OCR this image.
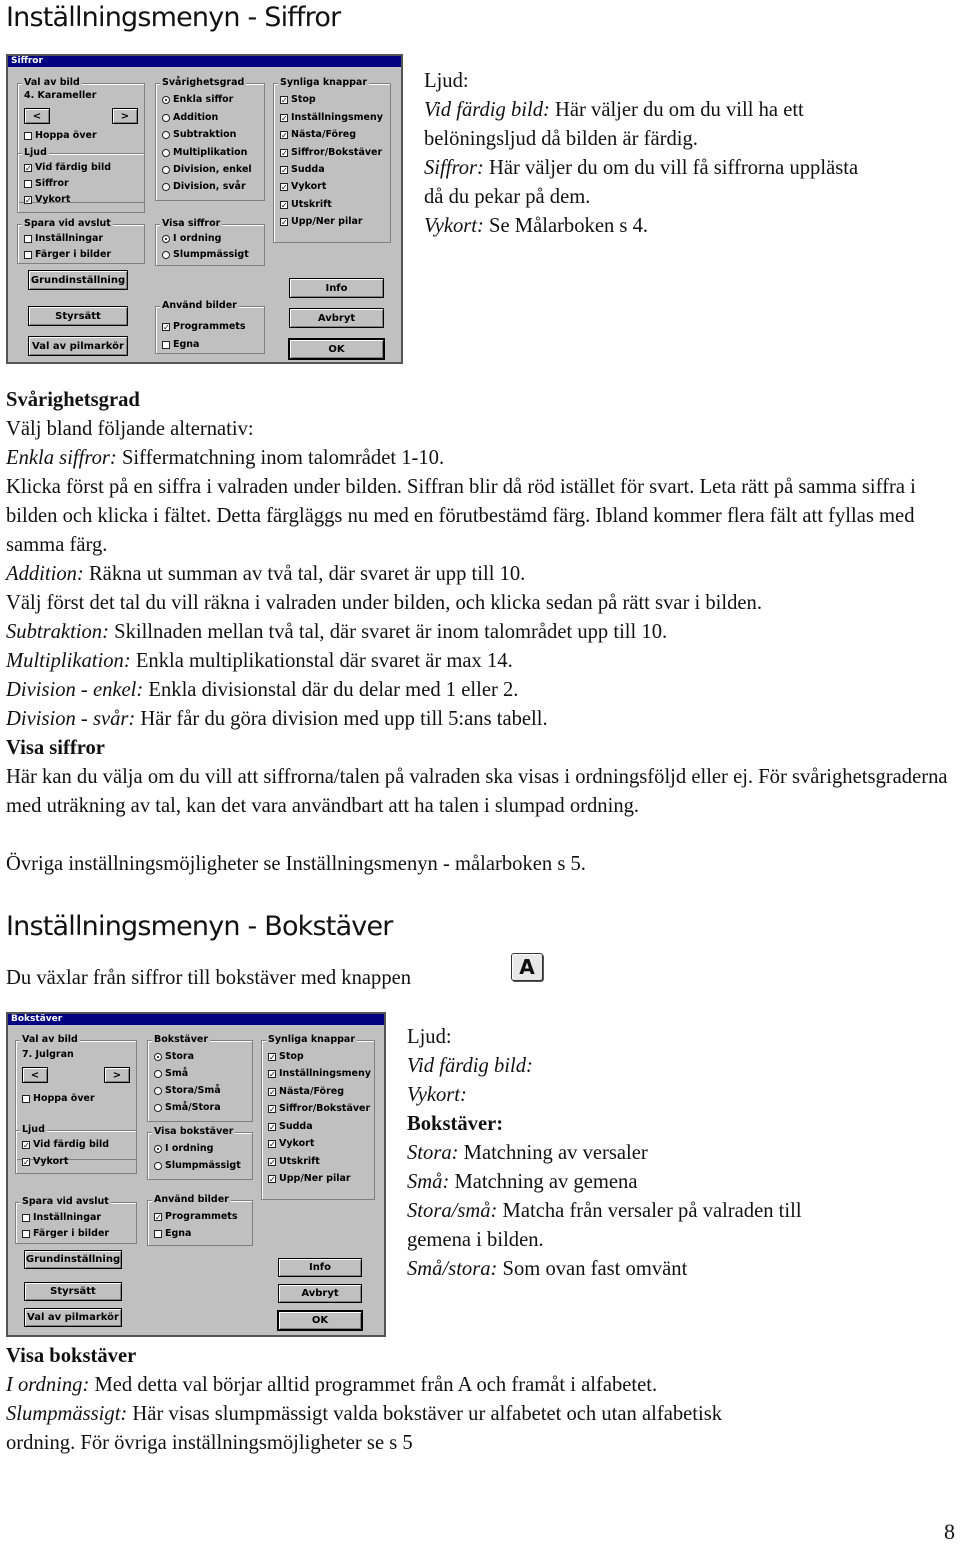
Inställningsmenyn - Siffror
Siffror
Val av bild
4. Karameller
<	>
Hoppa över
Ljud
✓ Vid färdig bild
Siffror
✓ Vykort
Spara vid avslut
Inställningar
Färger i bilder
Grundinställning
Styrsätt
Val av pilmarkör
Svårighetsgrad
Enkla siffor
Addition
Subtraktion
Multiplikation
Division, enkel
Division, svår
Visa siffror
I ordning
Slumpmässigt
Använd bilder
✓ Programmets
Egna
Synliga knappar
✓ Stop
✓ Inställningsmeny
✓ Nästa/Föreg
✓ Siffror/Bokstäver
✓ Sudda
✓ Vykort
✓ Utskrift
✓ Upp/Ner pilar
Info
Avbryt
OK
Ljud:
Vid färdig bild: Här väljer du om du vill ha ett
belöningsljud då bilden är färdig.
Siffror: Här väljer du om du vill få siffrorna upplästa
då du pekar på dem.
Vykort: Se Målarboken s 4.
Svårighetsgrad
Välj bland följande alternativ:
Enkla siffror: Siffermatchning inom talområdet 1-10.
Klicka först på en siffra i valraden under bilden. Siffran blir då röd istället för svart. Leta rätt på samma siffra i bilden och klicka i fältet. Detta färgläggs nu med en förutbestämd färg. Ibland kommer flera fält att fyllas med samma färg.
Addition: Räkna ut summan av två tal, där svaret är upp till 10.
Välj först det tal du vill räkna i valraden under bilden, och klicka sedan på rätt svar i bilden.
Subtraktion: Skillnaden mellan två tal, där svaret är inom talområdet upp till 10.
Multiplikation: Enkla multiplikationstal där svaret är max 14.
Division - enkel: Enkla divisionstal där du delar med 1 eller 2.
Division - svår: Här får du göra division med upp till 5:ans tabell.
Visa siffror
Här kan du välja om du vill att siffrorna/talen på valraden ska visas i ordningsföljd eller ej. För svårighetsgraderna med uträkning av tal, kan det vara användbart att ha talen i slumpad ordning.
Övriga inställningsmöjligheter se Inställningsmenyn - målarboken s 5.
Inställningsmenyn - Bokstäver
Du växlar från siffror till bokstäver med knappen	A
Bokstäver
Val av bild
7. Julgran
<	>
Hoppa över
Ljud
✓ Vid färdig bild
✓ Vykort
Spara vid avslut
Inställningar
Färger i bilder
Grundinställning
Styrsätt
Val av pilmarkör
Bokstäver
Stora
Små
Stora/Små
Små/Stora
Visa bokstäver
I ordning
Slumpmässigt
Använd bilder
✓ Programmets
Egna
Synliga knappar
✓ Stop
✓ Inställningsmeny
✓ Nästa/Föreg
✓ Siffror/Bokstäver
✓ Sudda
✓ Vykort
✓ Utskrift
✓ Upp/Ner pilar
Info
Avbryt
OK
Ljud:
Vid färdig bild:
Vykort:
Bokstäver:
Stora: Matchning av versaler
Små: Matchning av gemena
Stora/små: Matcha från versaler på valraden till
gemena i bilden.
Små/stora: Som ovan fast omvänt
Visa bokstäver
I ordning: Med detta val börjar alltid programmet från A och framåt i alfabetet.
Slumpmässigt: Här visas slumpmässigt valda bokstäver ur alfabetet och utan alfabetisk
ordning. För övriga inställningsmöjligheter se s 5
8
